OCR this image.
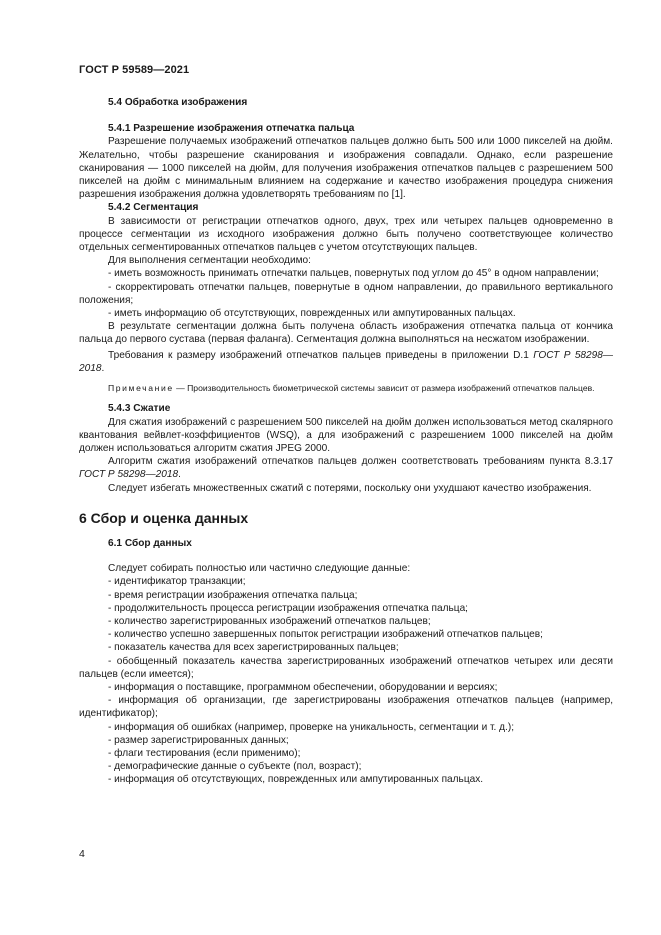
ГОСТ Р 59589—2021

5.4 Обработка изображения

5.4.1 Разрешение изображения отпечатка пальца

Разрешение получаемых изображений отпечатков пальцев должно быть 500 или 1000 пикселей на дюйм. Желательно, чтобы разрешение сканирования и изображения совпадали. Однако, если разрешение сканирования — 1000 пикселей на дюйм, для получения изображения отпечатков пальцев с разрешением 500 пикселей на дюйм с минимальным влиянием на содержание и качество изображения процедура снижения разрешения изображения должна удовлетворять требованиям по [1].

5.4.2 Сегментация

В зависимости от регистрации отпечатков одного, двух, трех или четырех пальцев одновременно в процессе сегментации из исходного изображения должно быть получено соответствующее количество отдельных сегментированных отпечатков пальцев с учетом отсутствующих пальцев.

Для выполнения сегментации необходимо:

- иметь возможность принимать отпечатки пальцев, повернутых под углом до 45° в одном направлении;

- скорректировать отпечатки пальцев, повернутые в одном направлении, до правильного вертикального положения;

- иметь информацию об отсутствующих, поврежденных или ампутированных пальцах.

В результате сегментации должна быть получена область изображения отпечатка пальца от кончика пальца до первого сустава (первая фаланга). Сегментация должна выполняться на несжатом изображении.

Требования к размеру изображений отпечатков пальцев приведены в приложении D.1 ГОСТ Р 58298—2018.

Примечание — Производительность биометрической системы зависит от размера изображений отпечатков пальцев.

5.4.3 Сжатие

Для сжатия изображений с разрешением 500 пикселей на дюйм должен использоваться метод скалярного квантования вейвлет-коэффициентов (WSQ), а для изображений с разрешением 1000 пикселей на дюйм должен использоваться алгоритм сжатия JPEG 2000.

Алгоритм сжатия изображений отпечатков пальцев должен соответствовать требованиям пункта 8.3.17 ГОСТ Р 58298—2018.

Следует избегать множественных сжатий с потерями, поскольку они ухудшают качество изображения.

6 Сбор и оценка данных

6.1 Сбор данных

Следует собирать полностью или частично следующие данные:

- идентификатор транзакции;

- время регистрации изображения отпечатка пальца;

- продолжительность процесса регистрации изображения отпечатка пальца;

- количество зарегистрированных изображений отпечатков пальцев;

- количество успешно завершенных попыток регистрации изображений отпечатков пальцев;

- показатель качества для всех зарегистрированных пальцев;

- обобщенный показатель качества зарегистрированных изображений отпечатков четырех или десяти пальцев (если имеется);

- информация о поставщике, программном обеспечении, оборудовании и версиях;

- информация об организации, где зарегистрированы изображения отпечатков пальцев (например, идентификатор);

- информация об ошибках (например, проверке на уникальность, сегментации и т. д.);

- размер зарегистрированных данных;

- флаги тестирования (если применимо);

- демографические данные о субъекте (пол, возраст);

- информация об отсутствующих, поврежденных или ампутированных пальцах.

4
